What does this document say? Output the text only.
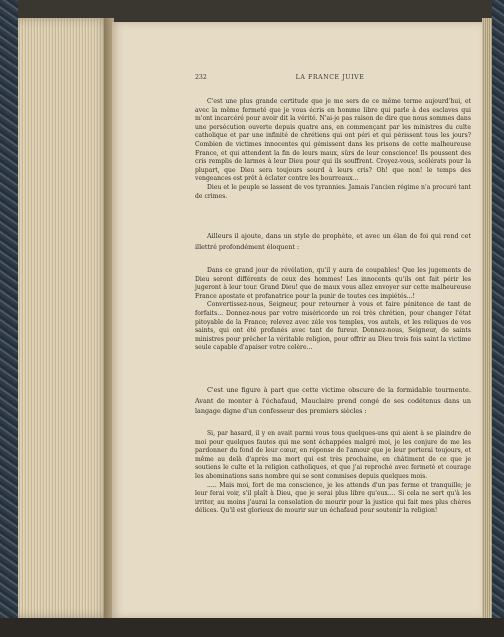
232	LA FRANCE JUIVE

C'est une plus grande certitude que je me sers de ce même terme aujourd'hui, et avec la même fermeté que je vous écris en homme libre qui parle à des esclaves qui m'ont incarcéré pour avoir dit la vérité. N'ai-je pas raison de dire que nous sommes dans une persécution ouverte depuis quatre ans, en commençant par les ministres du culte catholique et par une infinité de chrétiens qui ont péri et qui périssent tous les jours? Combien de victimes innocentes qui gémissent dans les prisons de cette malheureuse France, et qui attendent la fin de leurs maux, sûrs de leur conscience! Ils poussent des cris remplis de larmes à leur Dieu pour qui ils souffrent. Croyez-vous, scélérats pour la plupart, que Dieu sera toujours sourd à leurs cris? Oh! que non! le temps des vengeances est prêt à éclater contre les bourreaux...

Dieu et le peuple se lassent de vos tyrannies. Jamais l'ancien régime n'a procuré tant de crimes.

Ailleurs il ajoute, dans un style de prophète, et avec un élan de foi qui rend cet illettré profondément éloquent :

Dans ce grand jour de révélation, qu'il y aura de coupables! Que les jugements de Dieu seront différents de ceux des hommes! Les innocents qu'ils ont fait périr les jugeront à leur tour. Grand Dieu! que de maux vous allez envoyer sur cette malheureuse France apostate et profanatrice pour la punir de toutes ces impiétés...!

Convertissez-nous, Seigneur, pour retourner à vous et faire pénitence de tant de forfaits... Donnez-nous par votre miséricorde un roi très chrétien, pour changer l'état pitoyable de la France; relevez avec zèle vos temples, vos autels, et les reliques de vos saints, qui ont été profanés avec tant de fureur. Donnez-nous, Seigneur, de saints ministres pour prêcher la véritable religion, pour offrir au Dieu trois fois saint la victime seule capable d'apaiser votre colère...

C'est une figure à part que cette victime obscure de la formidable tourmente. Avant de monter à l'échafaud, Mauclaire prend congé de ses codétenus dans un langage digne d'un confesseur des premiers siècles :

Si, par hasard, il y en avait parmi vous tous quelques-uns qui aient à se plaindre de moi pour quelques fautes qui me sont échappées malgré moi, je les conjure de me les pardonner du fond de leur cœur, en réponse de l'amour que je leur porterai toujours, et même au delà d'après ma mort qui est très prochaine, en châtiment de ce que je soutiens le culte et la religion catholiques, et que j'ai reproché avec fermeté et courage les abominations sans nombre qui se sont commises depuis quelques mois.

..... Mais moi, fort de ma conscience, je les attends d'un pas ferme et tranquille; je leur ferai voir, s'il plaît à Dieu, que je serai plus libre qu'eux.... Si cela ne sert qu'à les irriter, au moins j'aurai la consolation de mourir pour la justice qui fait mes plus chères délices. Qu'il est glorieux de mourir sur un échafaud pour soutenir la religion!
